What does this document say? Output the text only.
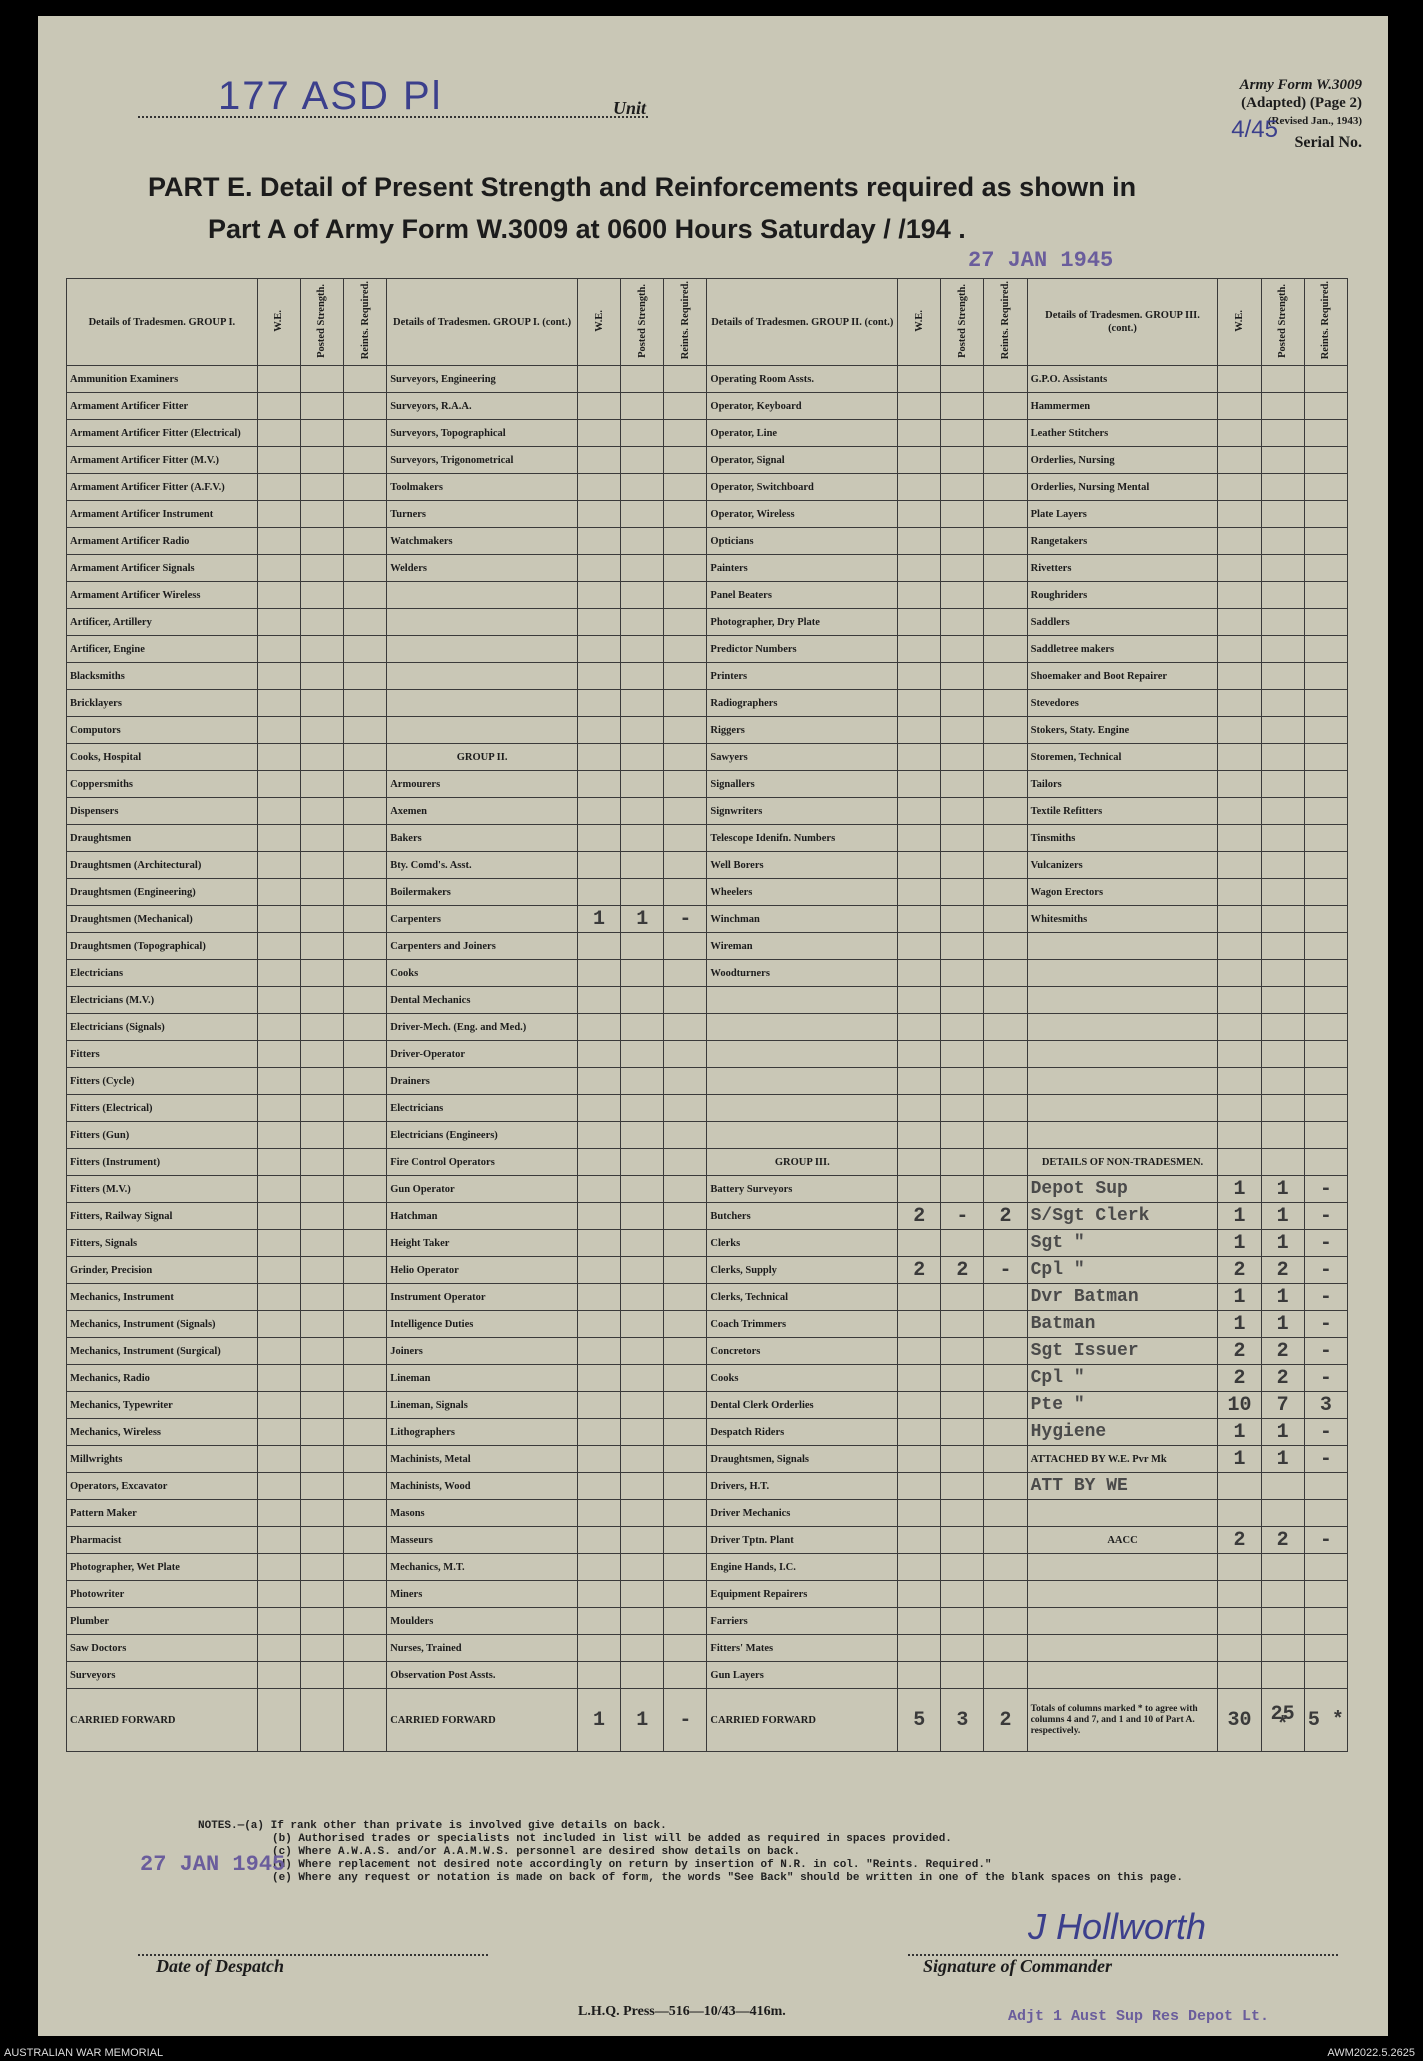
177 ASD Pl	Unit
Army Form W.3009
(Adapted) (Page 2)
(Revised Jan., 1943)
4/45 Serial No.
PART E. Detail of Present Strength and Reinforcements required as shown in
Part A of Army Form W.3009 at 0600 Hours Saturday / /194 .
27 JAN 1945
Details of Tradesmen. GROUP I.	W.E.	Posted Strength.	Reints. Required.	Details of Tradesmen. GROUP I. (cont.)	W.E.	Posted Strength.	Reints. Required.	Details of Tradesmen. GROUP II. (cont.)	W.E.	Posted Strength.	Reints. Required.	Details of Tradesmen. GROUP III. (cont.)	W.E.	Posted Strength.	Reints. Required.
Ammunition Examiners				Surveyors, Engineering				Operating Room Assts.				G.P.O. Assistants			
Armament Artificer Fitter				Surveyors, R.A.A.				Operator, Keyboard				Hammermen			
Armament Artificer Fitter (Electrical)				Surveyors, Topographical				Operator, Line				Leather Stitchers			
Armament Artificer Fitter (M.V.)				Surveyors, Trigonometrical				Operator, Signal				Orderlies, Nursing			
Armament Artificer Fitter (A.F.V.)				Toolmakers				Operator, Switchboard				Orderlies, Nursing Mental			
Armament Artificer Instrument				Turners				Operator, Wireless				Plate Layers			
Armament Artificer Radio				Watchmakers				Opticians				Rangetakers			
Armament Artificer Signals				Welders				Painters				Rivetters			
Armament Artificer Wireless								Panel Beaters				Roughriders			
Artificer, Artillery								Photographer, Dry Plate				Saddlers			
Artificer, Engine								Predictor Numbers				Saddletree makers			
Blacksmiths								Printers				Shoemaker and Boot Repairer			
Bricklayers								Radiographers				Stevedores			
Computors								Riggers				Stokers, Staty. Engine			
Cooks, Hospital				GROUP II.				Sawyers				Storemen, Technical			
Coppersmiths				Armourers				Signallers				Tailors			
Dispensers				Axemen				Signwriters				Textile Refitters			
Draughtsmen				Bakers				Telescope Idenifn. Numbers				Tinsmiths			
Draughtsmen (Architectural)				Bty. Comd's. Asst.				Well Borers				Vulcanizers			
Draughtsmen (Engineering)				Boilermakers				Wheelers				Wagon Erectors			
Draughtsmen (Mechanical)				Carpenters	1	1	-	Winchman				Whitesmiths			
Draughtsmen (Topographical)				Carpenters and Joiners				Wireman							
Electricians				Cooks				Woodturners							
Electricians (M.V.)				Dental Mechanics											
Electricians (Signals)				Driver-Mech. (Eng. and Med.)											
Fitters				Driver-Operator											
Fitters (Cycle)				Drainers											
Fitters (Electrical)				Electricians											
Fitters (Gun)				Electricians (Engineers)											
Fitters (Instrument)				Fire Control Operators				GROUP III.				DETAILS OF NON-TRADESMEN.			
Fitters (M.V.)				Gun Operator				Battery Surveyors				Depot Sup	1	1	-
Fitters, Railway Signal				Hatchman				Butchers	2	-	2	S/Sgt Clerk	1	1	-
Fitters, Signals				Height Taker				Clerks				Sgt "	1	1	-
Grinder, Precision				Helio Operator				Clerks, Supply	2	2	-	Cpl "	2	2	-
Mechanics, Instrument				Instrument Operator				Clerks, Technical				Dvr Batman	1	1	-
Mechanics, Instrument (Signals)				Intelligence Duties				Coach Trimmers				Batman	1	1	-
Mechanics, Instrument (Surgical)				Joiners				Concretors				Sgt Issuer	2	2	-
Mechanics, Radio				Lineman				Cooks				Cpl "	2	2	-
Mechanics, Typewriter				Lineman, Signals				Dental Clerk Orderlies				Pte "	10	7	3
Mechanics, Wireless				Lithographers				Despatch Riders				Hygiene	1	1	-
Millwrights				Machinists, Metal				Draughtsmen, Signals				ATTACHED BY W.E. Pvr Mk	1	1	-
Operators, Excavator				Machinists, Wood				Drivers, H.T.				ATT BY WE			
Pattern Maker				Masons				Driver Mechanics							
Pharmacist				Masseurs				Driver Tptn. Plant				AACC	2	2	-
Photographer, Wet Plate				Mechanics, M.T.				Engine Hands, I.C.							
Photowriter				Miners				Equipment Repairers							
Plumber				Moulders				Farriers							
Saw Doctors				Nurses, Trained				Fitters' Mates							
Surveyors				Observation Post Assts.				Gun Layers							
CARRIED FORWARD				CARRIED FORWARD	1	1	-	CARRIED FORWARD	5	3	2	Totals of columns marked * to agree with columns 4 and 7, and 1 and 10 of Part A. respectively.	30	25 *	5 *
NOTES.—(a) If rank other than private is involved give details on back.
(b) Authorised trades or specialists not included in list will be added as required in spaces provided.
(c) Where A.W.A.S. and/or A.A.M.W.S. personnel are desired show details on back.
(d) Where replacement not desired note accordingly on return by insertion of N.R. in col. "Reints. Required."
(e) Where any request or notation is made on back of form, the words "See Back" should be written in one of the blank spaces on this page.
27 JAN 1945
Date of Despatch
J Hollworth
Signature of Commander
L.H.Q. Press—516—10/43—416m.	Adjt 1 Aust Sup Res Depot Lt.
AUSTRALIAN WAR MEMORIAL	AWM2022.5.2625
